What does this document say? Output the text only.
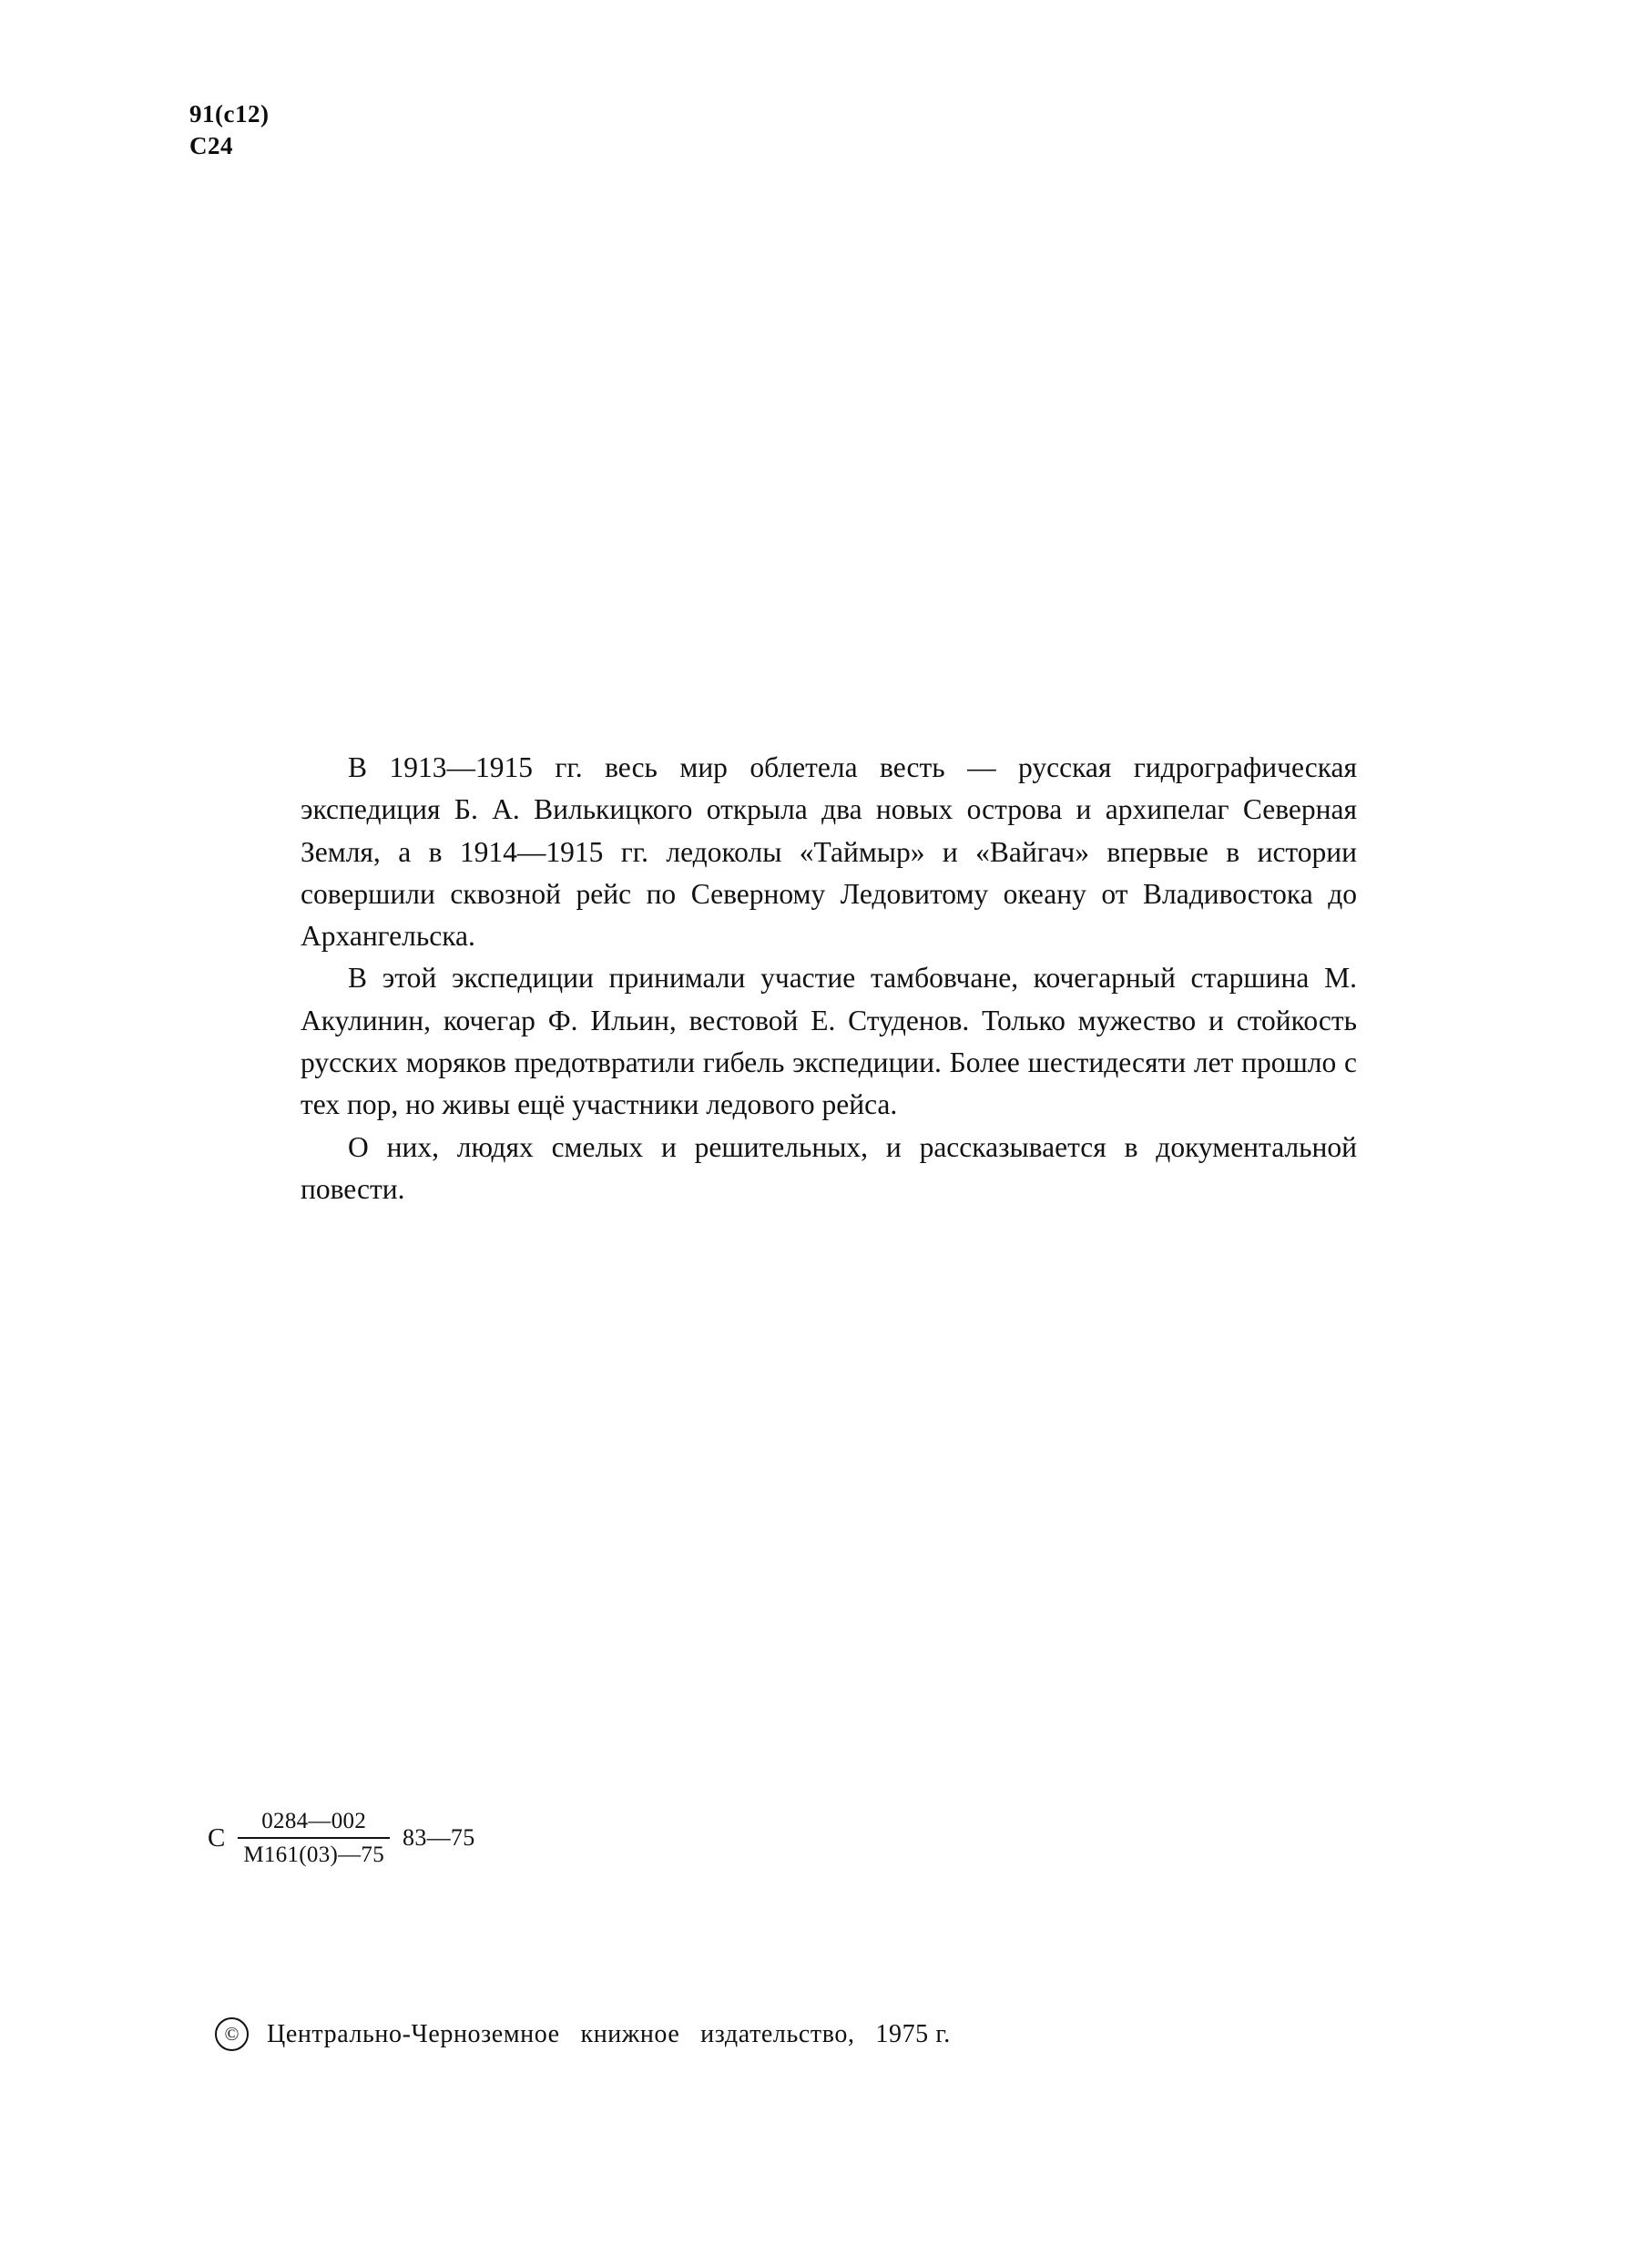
91(с12)
С24

В 1913—1915 гг. весь мир облетела весть — русская гидрографическая экспедиция Б. А. Вилькицкого открыла два новых острова и архипелаг Северная Земля, а в 1914—1915 гг. ледоколы «Таймыр» и «Вайгач» впервые в истории совершили сквозной рейс по Северному Ледовитому океану от Владивостока до Архангельска.

В этой экспедиции принимали участие тамбовчане, кочегарный старшина М. Акулинин, кочегар Ф. Ильин, вестовой Е. Студенов. Только мужество и стойкость русских моряков предотвратили гибель экспедиции. Более шестидесяти лет прошло с тех пор, но живы ещё участники ледового рейса.

О них, людях смелых и решительных, и рассказывается в документальной повести.

С $\frac{0284—002}{М161(03)—75}$ 83—75
©	Центрально-Черноземное   книжное   издательство,   1975 г.
